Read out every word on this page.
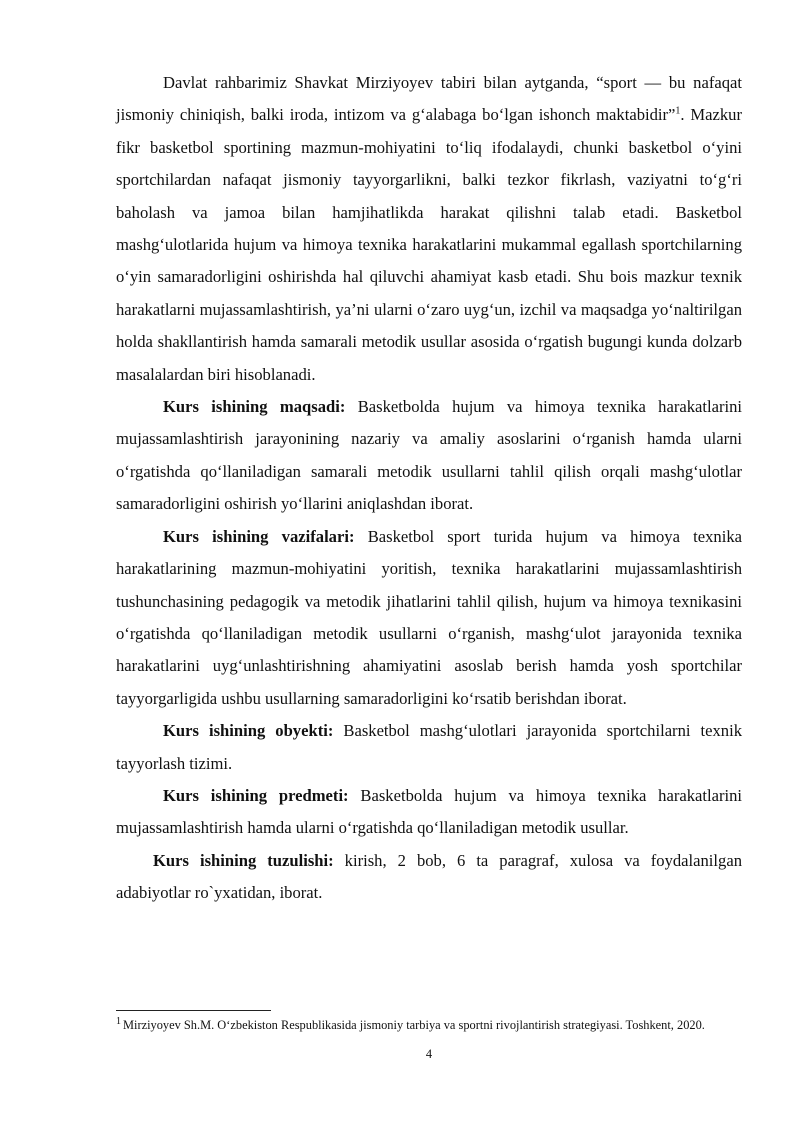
Davlat rahbarimiz Shavkat Mirziyoyev tabiri bilan aytganda, “sport — bu nafaqat jismoniy chiniqish, balki iroda, intizom va g‘alabaga bo‘lgan ishonch maktabidir”$^1$. Mazkur fikr basketbol sportining mazmun-mohiyatini to‘liq ifodalaydi, chunki basketbol o‘yini sportchilardan nafaqat jismoniy tayyorgarlikni, balki tezkor fikrlash, vaziyatni to‘g‘ri baholash va jamoa bilan hamjihatlikda harakat qilishni talab etadi. Basketbol mashg‘ulotlarida hujum va himoya texnika harakatlarini mukammal egallash sportchilarning o‘yin samaradorligini oshirishda hal qiluvchi ahamiyat kasb etadi. Shu bois mazkur texnik harakatlarni mujassamlashtirish, ya’ni ularni o‘zaro uyg‘un, izchil va maqsadga yo‘naltirilgan holda shakllantirish hamda samarali metodik usullar asosida o‘rgatish bugungi kunda dolzarb masalalardan biri hisoblanadi.

Kurs ishining maqsadi: Basketbolda hujum va himoya texnika harakatlarini mujassamlashtirish jarayonining nazariy va amaliy asoslarini o‘rganish hamda ularni o‘rgatishda qo‘llaniladigan samarali metodik usullarni tahlil qilish orqali mashg‘ulotlar samaradorligini oshirish yo‘llarini aniqlashdan iborat.

Kurs ishining vazifalari: Basketbol sport turida hujum va himoya texnika harakatlarining mazmun-mohiyatini yoritish, texnika harakatlarini mujassamlashtirish tushunchasining pedagogik va metodik jihatlarini tahlil qilish, hujum va himoya texnikasini o‘rgatishda qo‘llaniladigan metodik usullarni o‘rganish, mashg‘ulot jarayonida texnika harakatlarini uyg‘unlashtirishning ahamiyatini asoslab berish hamda yosh sportchilar tayyorgarligida ushbu usullarning samaradorligini ko‘rsatib berishdan iborat.

Kurs ishining obyekti: Basketbol mashg‘ulotlari jarayonida sportchilarni texnik tayyorlash tizimi.

Kurs ishining predmeti: Basketbolda hujum va himoya texnika harakatlarini mujassamlashtirish hamda ularni o‘rgatishda qo‘llaniladigan metodik usullar.

Kurs ishining tuzulishi: kirish, 2 bob, 6 ta paragraf, xulosa va foydalanilgan adabiyotlar ro`yxatidan, iborat.

$^1$ Mirziyoyev Sh.M. O‘zbekiston Respublikasida jismoniy tarbiya va sportni rivojlantirish strategiyasi. Toshkent, 2020.

4
